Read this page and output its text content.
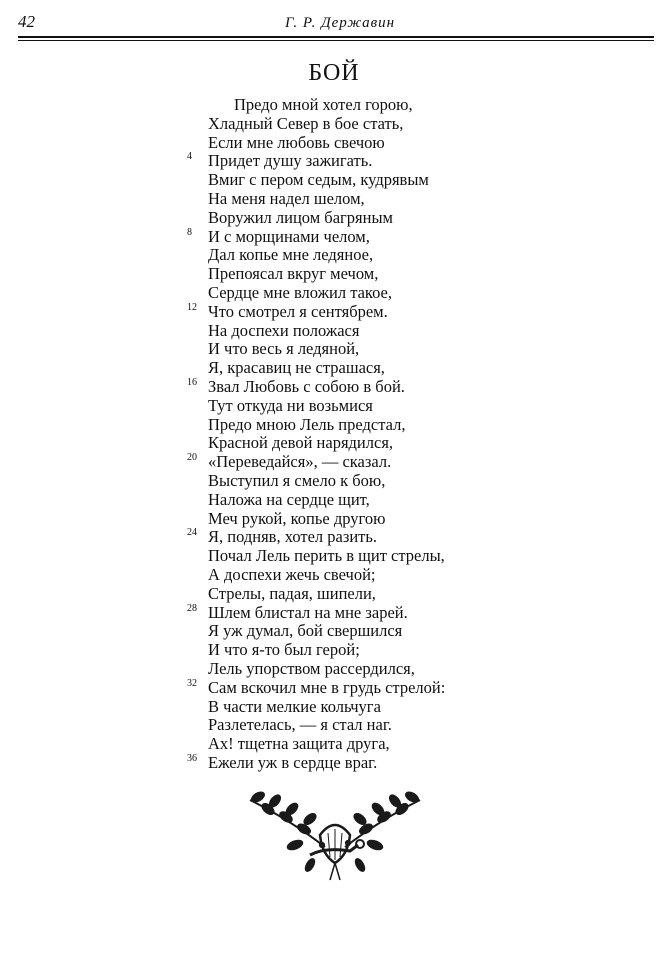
42	Г. Р. Державин
БОЙ
Предо мной хотел горою,
Хладный Север в бое стать,
Если мне любовь свечою
4 Придет душу зажигать.
Вмиг с пером седым, кудрявым
На меня надел шелом,
Воружил лицом багряным
8 И с морщинами челом,
Дал копье мне ледяное,
Препоясал вкруг мечом,
Сердце мне вложил такое,
12 Что смотрел я сентябрем.
На доспехи положася
И что весь я ледяной,
Я, красавиц не страшася,
16 Звал Любовь с собою в бой.
Тут откуда ни возьмися
Предо мною Лель предстал,
Красной девой нарядился,
20 «Переведайся», — сказал.
Выступил я смело к бою,
Наложа на сердце щит,
Меч рукой, копье другою
24 Я, подняв, хотел разить.
Почал Лель перить в щит стрелы,
А доспехи жечь свечой;
Стрелы, падая, шипели,
28 Шлем блистал на мне зарей.
Я уж думал, бой свершился
И что я-то был герой;
Лель упорством рассердился,
32 Сам вскочил мне в грудь стрелой:
В части мелкие кольчуга
Разлетелась, — я стал наг.
Ах! тщетна защита друга,
36 Ежели уж в сердце враг.
